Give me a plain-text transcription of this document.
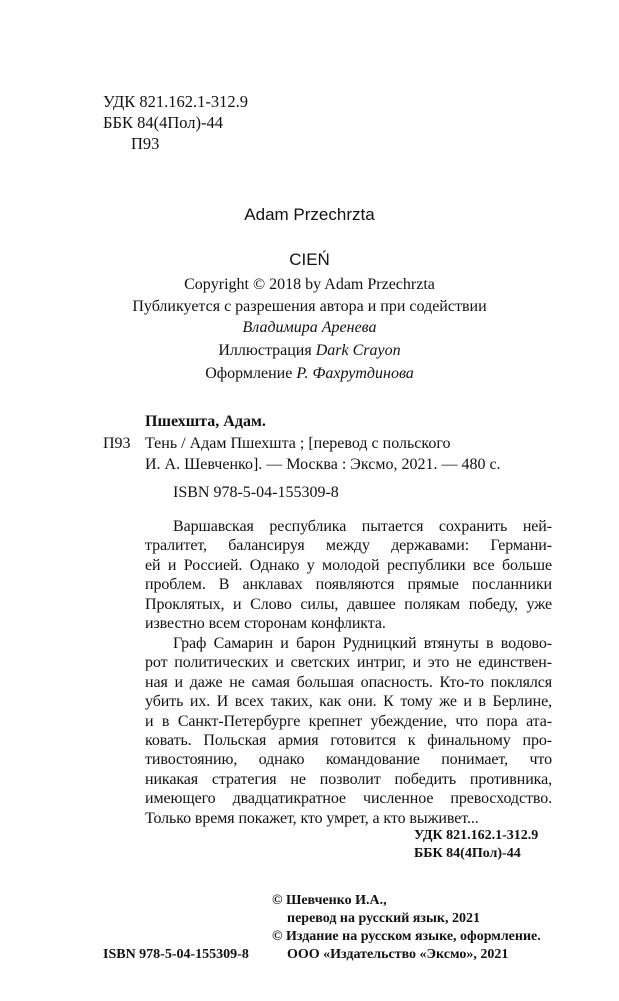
УДК 821.162.1-312.9
ББК 84(4Пол)-44
П93
Adam Przechrzta
CIEŃ
Copyright © 2018 by Adam Przechrzta
Публикуется с разрешения автора и при содействии
Владимира Аренева
Иллюстрация Dark Crayon
Оформление Р. Фахрутдинова
Пшехшта, Адам.
П93 Тень / Адам Пшехшта ; [перевод с польского
И. А. Шевченко]. — Москва : Эксмо, 2021. — 480 с.
ISBN 978-5-04-155309-8
Варшавская республика пытается сохранить ней-
тралитет, балансируя между державами: Германи-
ей и Россией. Однако у молодой республики все больше
проблем. В анклавах появляются прямые посланники
Проклятых, и Слово силы, давшее полякам победу, уже
известно всем сторонам конфликта.
Граф Самарин и барон Рудницкий втянуты в водово-
рот политических и светских интриг, и это не единствен-
ная и даже не самая большая опасность. Кто-то поклялся
убить их. И всех таких, как они. К тому же и в Берлине,
и в Санкт-Петербурге крепнет убеждение, что пора ата-
ковать. Польская армия готовится к финальному про-
тивостоянию, однако командование понимает, что
никакая стратегия не позволит победить противника,
имеющего двадцатикратное численное превосходство.
Только время покажет, кто умрет, а кто выживет...
УДК 821.162.1-312.9
ББК 84(4Пол)-44
© Шевченко И.А.,
перевод на русский язык, 2021
© Издание на русском языке, оформление.
ООО «Издательство «Эксмо», 2021
ISBN 978-5-04-155309-8
